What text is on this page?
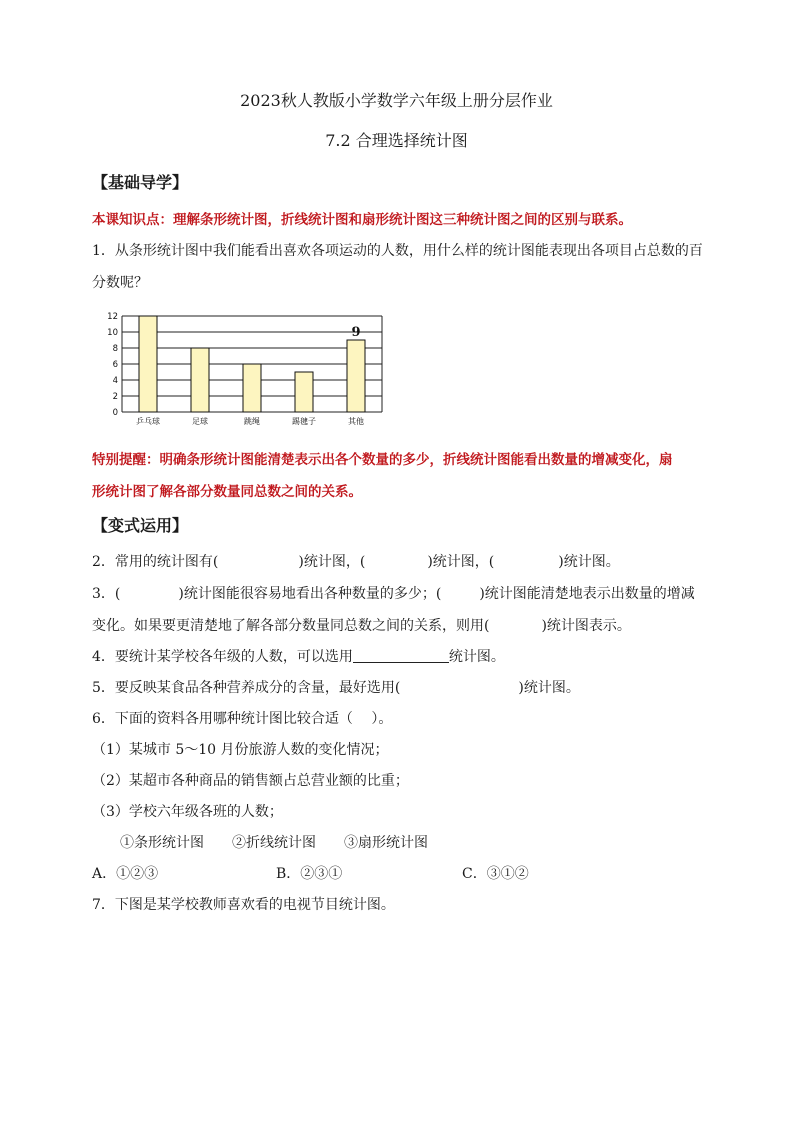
2023秋人教版小学数学六年级上册分层作业
7.2 合理选择统计图
【基础导学】
本课知识点：理解条形统计图，折线统计图和扇形统计图这三种统计图之间的区别与联系。
1．从条形统计图中我们能看出喜欢各项运动的人数，用什么样的统计图能表现出各项目占总数的百
分数呢？
0
2
4
6
8
10
12
乒乓球	足球	跳绳	踢毽子	其他
9
特别提醒：明确条形统计图能清楚表示出各个数量的多少，折线统计图能看出数量的增减变化，扇
形统计图了解各部分数量同总数之间的关系。
【变式运用】
2．常用的统计图有(	)统计图，(	)统计图，(	)统计图。
3．(	)统计图能很容易地看出各种数量的多少；(	)统计图能清楚地表示出数量的增减
变化。如果要更清楚地了解各部分数量同总数之间的关系，则用(	)统计图表示。
4．要统计某学校各年级的人数，可以选用	统计图。
5．要反映某食品各种营养成分的含量，最好选用(	)统计图。
6．下面的资料各用哪种统计图比较合适（　 ）。
（1）某城市 5～10 月份旅游人数的变化情况；
（2）某超市各种商品的销售额占总营业额的比重；
（3）学校六年级各班的人数；
①条形统计图 ②折线统计图 ③扇形统计图
A．①②③	B．②③①	C．③①②
7．下图是某学校教师喜欢看的电视节目统计图。
